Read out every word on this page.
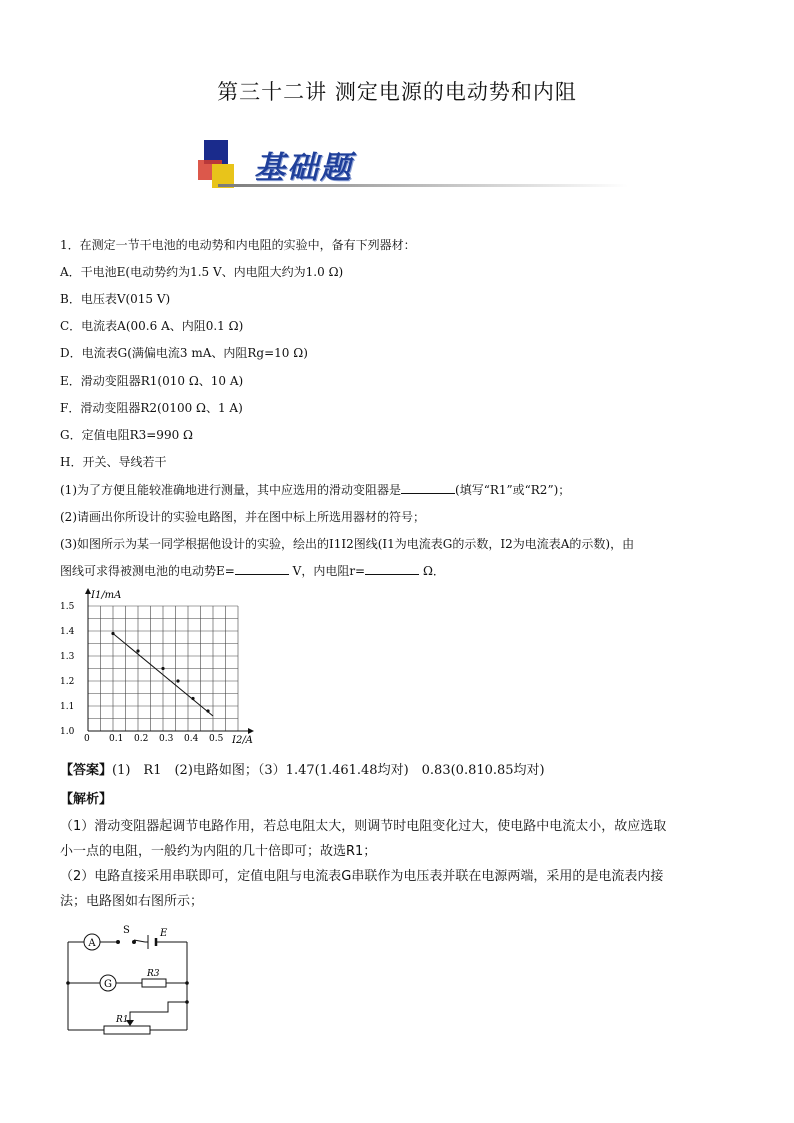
第三十二讲 测定电源的电动势和内阻
基础题
1．在测定一节干电池的电动势和内电阻的实验中，备有下列器材：
A．干电池E(电动势约为1.5 V、内电阻大约为1.0 Ω)
B．电压表V(015 V)
C．电流表A(00.6 A、内阻0.1 Ω)
D．电流表G(满偏电流3 mA、内阻Rg=10 Ω)
E．滑动变阻器R1(010 Ω、10 A)
F．滑动变阻器R2(0100 Ω、1 A)
G．定值电阻R3=990 Ω
H．开关、导线若干
(1)为了方便且能较准确地进行测量，其中应选用的滑动变阻器是	(填写“R1”或“R2”)；
(2)请画出你所设计的实验电路图，并在图中标上所选用器材的符号；
(3)如图所示为某一同学根据他设计的实验，绘出的I1I2图线(I1为电流表G的示数，I2为电流表A的示数)，由
图线可求得被测电池的电动势E=	V，内电阻r=	Ω．
0 0.1 0.2 0.3 0.4 0.5
1.0
1.1
1.2
1.3
1.4
1.5
I1/mA
I2/A
【答案】(1)　R1　(2)电路如图；（3）1.47(1.461.48均对)　0.83(0.810.85均对)
【解析】
（1）滑动变阻器起调节电路作用，若总电阻太大，则调节时电阻变化过大，使电路中电流太小，故应选取
小一点的电阻，一般约为内阻的几十倍即可；故选R1；
（2）电路直接采用串联即可，定值电阻与电流表G串联作为电压表并联在电源两端，采用的是电流表内接
法；电路图如右图所示；
A
G
S	E
R3
R1
